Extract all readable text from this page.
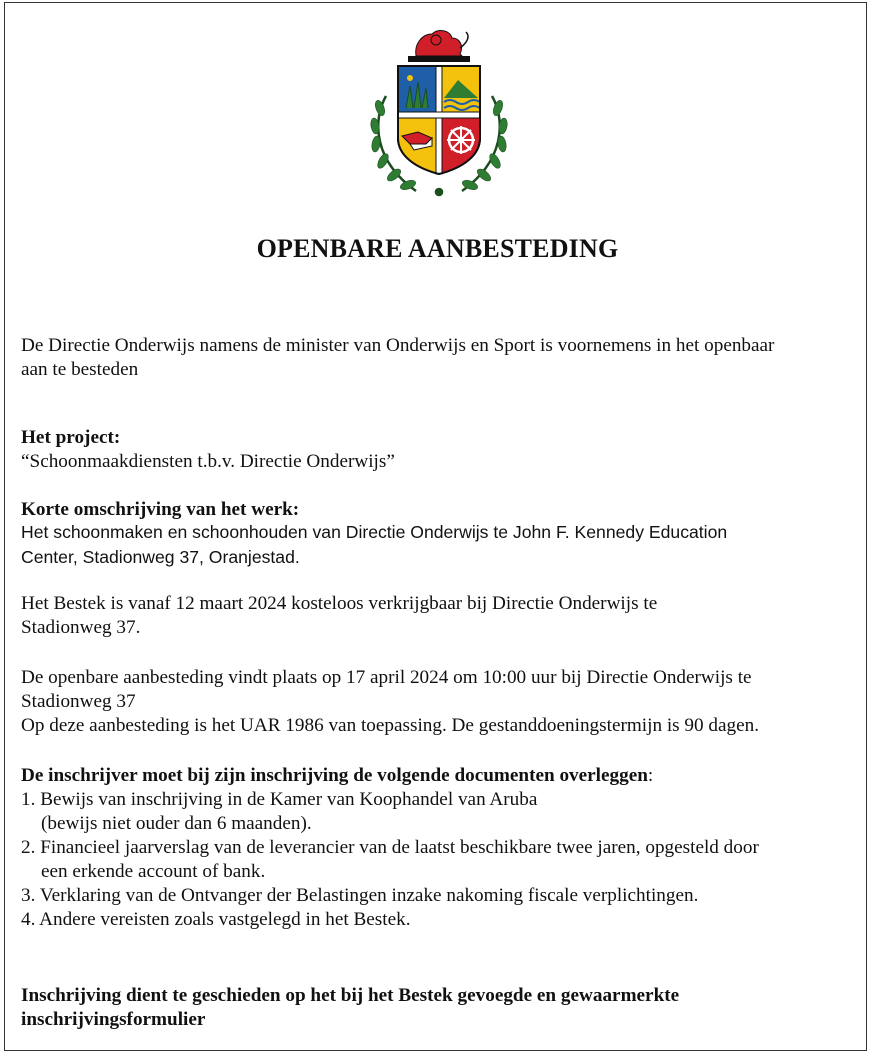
OPENBARE AANBESTEDING

De Directie Onderwijs namens de minister van Onderwijs en Sport is voornemens in het openbaar
aan te besteden

Het project:
“Schoonmaakdiensten t.b.v. Directie Onderwijs”

Korte omschrijving van het werk:

Het schoonmaken en schoonhouden van Directie Onderwijs te John F. Kennedy Education
Center, Stadionweg 37, Oranjestad.

Het Bestek is vanaf 12 maart 2024 kosteloos verkrijgbaar bij Directie Onderwijs te
Stadionweg 37.

De openbare aanbesteding vindt plaats op 17 april 2024 om 10:00 uur bij Directie Onderwijs te
Stadionweg 37
Op deze aanbesteding is het UAR 1986 van toepassing. De gestanddoeningstermijn is 90 dagen.

De inschrijver moet bij zijn inschrijving de volgende documenten overleggen:
1. Bewijs van inschrijving in de Kamer van Koophandel van Aruba
(bewijs niet ouder dan 6 maanden).
2. Financieel jaarverslag van de leverancier van de laatst beschikbare twee jaren, opgesteld door
een erkende account of bank.
3. Verklaring van de Ontvanger der Belastingen inzake nakoming fiscale verplichtingen.
4. Andere vereisten zoals vastgelegd in het Bestek.

Inschrijving dient te geschieden op het bij het Bestek gevoegde en gewaarmerkte
inschrijvingsformulier
